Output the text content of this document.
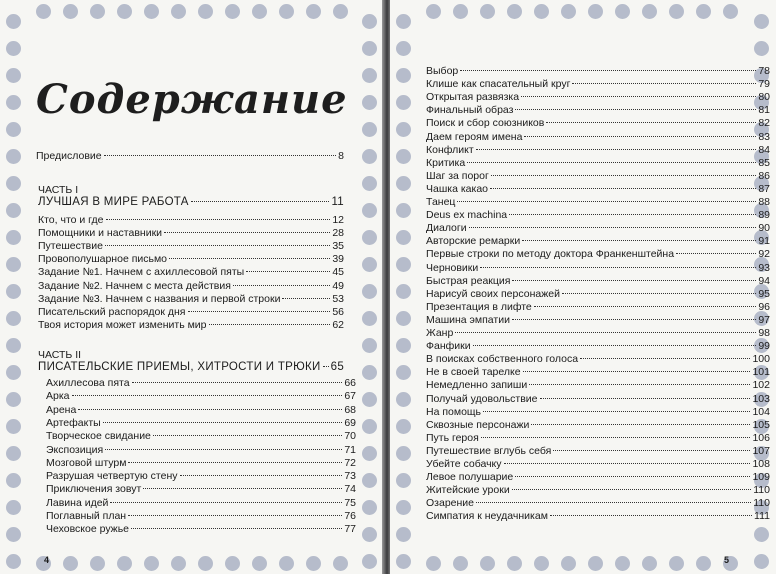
Содержание
Предисловие	8
ЧАСТЬ I
ЛУЧШАЯ В МИРЕ РАБОТА	11
Кто, что и где	12
Помощники и наставники	28
Путешествие	35
Провополушарное письмо	39
Задание №1. Начнем с ахиллесовой пяты	45
Задание №2. Начнем с места действия	49
Задание №3. Начнем с названия и первой строки	53
Писательский распорядок дня	56
Твоя история может изменить мир	62
ЧАСТЬ II
ПИСАТЕЛЬСКИЕ ПРИЕМЫ, ХИТРОСТИ И ТРЮКИ 65
Ахиллесова пята	66
Арка	67
Арена	68
Артефакты	69
Творческое свидание	70
Экспозиция	71
Мозговой штурм	72
Разрушая четвертую стену	73
Приключения зовут	74
Лавина идей	75
Поглавный план	76
Чеховское ружье	77
4
Выбор	78
Клише как спасательный круг	79
Открытая развязка	80
Финальный образ	81
Поиск и сбор союзников	82
Даем героям имена	83
Конфликт	84
Критика	85
Шаг за порог	86
Чашка какао	87
Танец	88
Deus ex machina	89
Диалоги	90
Авторские ремарки	91
Первые строки по методу доктора Франкенштейна	92
Черновики	93
Быстрая реакция	94
Нарисуй своих персонажей	95
Презентация в лифте	96
Машина эмпатии	97
Жанр	98
Фанфики	99
В поисках собственного голоса	100
Не в своей тарелке	101
Немедленно запиши	102
Получай удовольствие	103
На помощь	104
Сквозные персонажи	105
Путь героя	106
Путешествие вглубь себя	107
Убейте собачку	108
Левое полушарие	109
Житейские уроки	110
Озарение	110
Симпатия к неудачникам	111
5
